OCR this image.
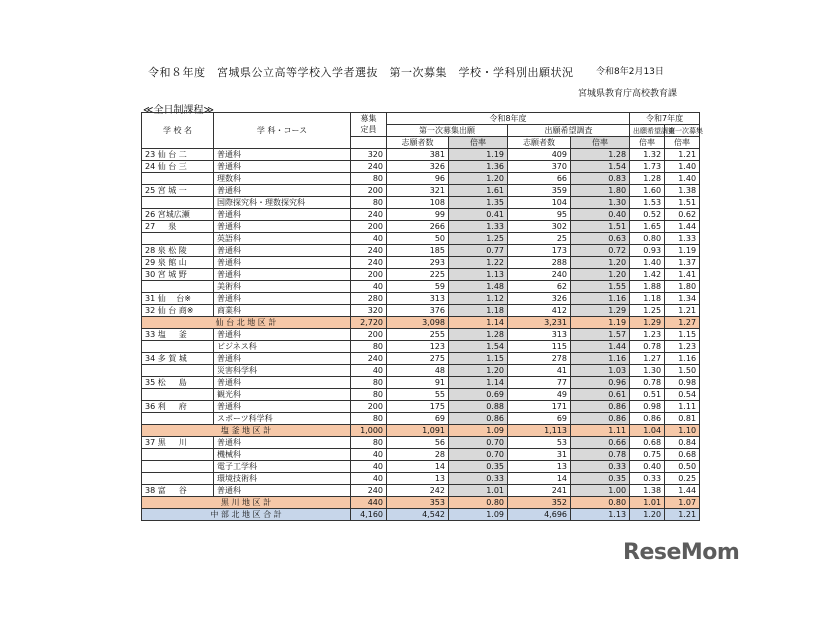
令和８年度　宮城県公立高等学校入学者選抜　第一次募集　学校・学科別出願状況	令和8年2月13日
宮城県教育庁高校教育課
≪全日制課程≫
学 校 名	学 科・コース	募集	令和8年度				令和7年度	
		定員	第一次募集出願		出願希望調査		出願希望調査	第一次募集
			志願者数	倍率	志願者数	倍率	倍率	倍率
23 仙 台 二	普通科	320	381	1.19	409	1.28	1.32	1.21
24 仙 台 三	普通科	240	326	1.36	370	1.54	1.73	1.40
	理数科	80	96	1.20	66	0.83	1.28	1.40
25 宮 城 一	普通科	200	321	1.61	359	1.80	1.60	1.38
	国際探究科・理数探究科	80	108	1.35	104	1.30	1.53	1.51
26 宮城広瀬	普通科	240	99	0.41	95	0.40	0.52	0.62
27 　 泉	普通科	200	266	1.33	302	1.51	1.65	1.44
	英語科	40	50	1.25	25	0.63	0.80	1.33
28 泉 松 陵	普通科	240	185	0.77	173	0.72	0.93	1.19
29 泉 館 山	普通科	240	293	1.22	288	1.20	1.40	1.37
30 宮 城 野	普通科	200	225	1.13	240	1.20	1.42	1.41
	美術科	40	59	1.48	62	1.55	1.88	1.80
31 仙 　台※	普通科	280	313	1.12	326	1.16	1.18	1.34
32 仙 台 商※	商業科	320	376	1.18	412	1.29	1.25	1.21
仙 台 北 地 区 計		2,720	3,098	1.14	3,231	1.19	1.29	1.27
33 塩 　 釜	普通科	200	255	1.28	313	1.57	1.23	1.15
	ビジネス科	80	123	1.54	115	1.44	0.78	1.23
34 多 賀 城	普通科	240	275	1.15	278	1.16	1.27	1.16
	災害科学科	40	48	1.20	41	1.03	1.30	1.50
35 松 　 島	普通科	80	91	1.14	77	0.96	0.78	0.98
	観光科	80	55	0.69	49	0.61	0.51	0.54
36 利 　 府	普通科	200	175	0.88	171	0.86	0.98	1.11
	スポーツ科学科	80	69	0.86	69	0.86	0.86	0.81
塩 釜 地 区 計		1,000	1,091	1.09	1,113	1.11	1.04	1.10
37 黒 　 川	普通科	80	56	0.70	53	0.66	0.68	0.84
	機械科	40	28	0.70	31	0.78	0.75	0.68
	電子工学科	40	14	0.35	13	0.33	0.40	0.50
	環境技術科	40	13	0.33	14	0.35	0.33	0.25
38 富 　 谷	普通科	240	242	1.01	241	1.00	1.38	1.44
黒 川 地 区 計		440	353	0.80	352	0.80	1.01	1.07
中 部 北 地 区 合 計		4,160	4,542	1.09	4,696	1.13	1.20	1.21
ReseMom
